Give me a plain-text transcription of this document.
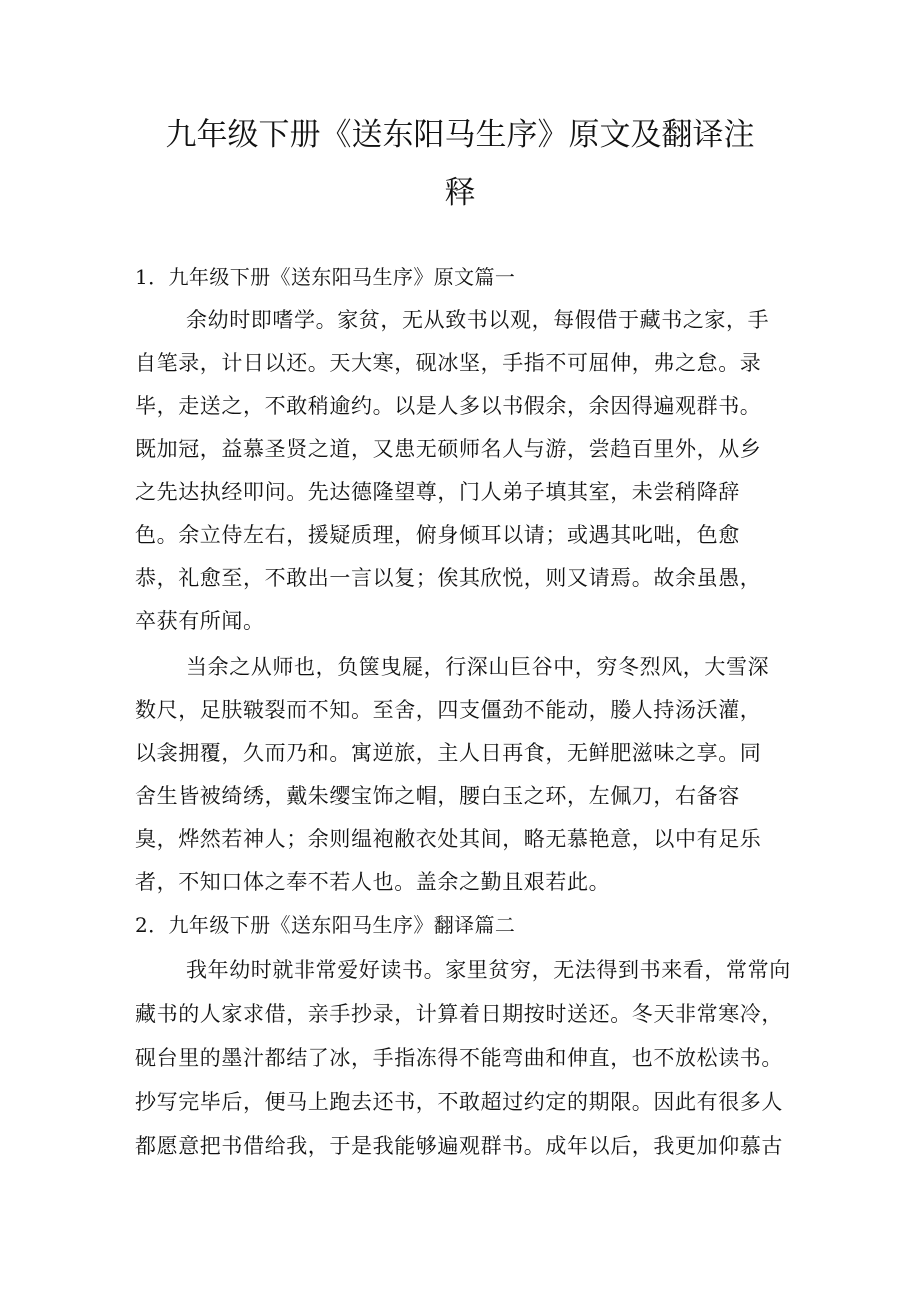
九年级下册《送东阳马生序》原文及翻译注
释
1．九年级下册《送东阳马生序》原文篇一
余幼时即嗜学。家贫，无从致书以观，每假借于藏书之家，手
自笔录，计日以还。天大寒，砚冰坚，手指不可屈伸，弗之怠。录
毕，走送之，不敢稍逾约。以是人多以书假余，余因得遍观群书。
既加冠，益慕圣贤之道，又患无硕师名人与游，尝趋百里外，从乡
之先达执经叩问。先达德隆望尊，门人弟子填其室，未尝稍降辞
色。余立侍左右，援疑质理，俯身倾耳以请；或遇其叱咄，色愈
恭，礼愈至，不敢出一言以复；俟其欣悦，则又请焉。故余虽愚，
卒获有所闻。
当余之从师也，负箧曳屣，行深山巨谷中，穷冬烈风，大雪深
数尺，足肤皲裂而不知。至舍，四支僵劲不能动，媵人持汤沃灌，
以衾拥覆，久而乃和。寓逆旅，主人日再食，无鲜肥滋味之享。同
舍生皆被绮绣，戴朱缨宝饰之帽，腰白玉之环，左佩刀，右备容
臭，烨然若神人；余则缊袍敝衣处其间，略无慕艳意，以中有足乐
者，不知口体之奉不若人也。盖余之勤且艰若此。
2．九年级下册《送东阳马生序》翻译篇二
我年幼时就非常爱好读书。家里贫穷，无法得到书来看，常常向
藏书的人家求借，亲手抄录，计算着日期按时送还。冬天非常寒冷，
砚台里的墨汁都结了冰，手指冻得不能弯曲和伸直，也不放松读书。
抄写完毕后，便马上跑去还书，不敢超过约定的期限。因此有很多人
都愿意把书借给我，于是我能够遍观群书。成年以后，我更加仰慕古
